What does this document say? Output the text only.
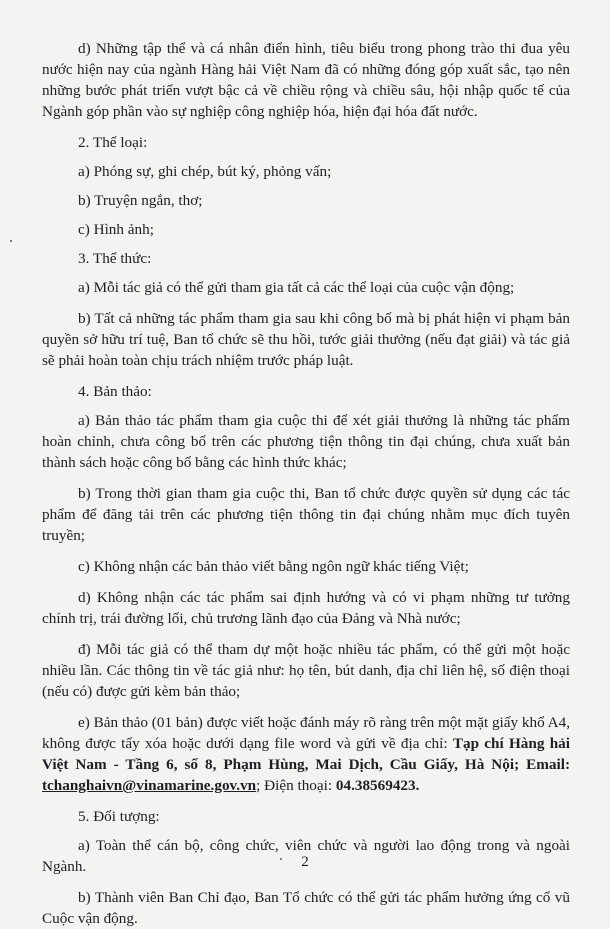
d) Những tập thể và cá nhân điển hình, tiêu biểu trong phong trào thi đua yêu nước hiện nay của ngành Hàng hải Việt Nam đã có những đóng góp xuất sắc, tạo nên những bước phát triển vượt bậc cả về chiều rộng và chiều sâu, hội nhập quốc tế của Ngành góp phần vào sự nghiệp công nghiệp hóa, hiện đại hóa đất nước.

2. Thể loại:

a) Phóng sự, ghi chép, bút ký, phỏng vấn;

b) Truyện ngắn, thơ;

c) Hình ảnh;

3. Thể thức:

a) Mỗi tác giả có thể gửi tham gia tất cả các thể loại của cuộc vận động;

b) Tất cả những tác phẩm tham gia sau khi công bố mà bị phát hiện vi phạm bản quyền sở hữu trí tuệ, Ban tổ chức sẽ thu hồi, tước giải thưởng (nếu đạt giải) và tác giả sẽ phải hoàn toàn chịu trách nhiệm trước pháp luật.

4. Bản thảo:

a) Bản thảo tác phẩm tham gia cuộc thi để xét giải thưởng là những tác phẩm hoàn chỉnh, chưa công bố trên các phương tiện thông tin đại chúng, chưa xuất bản thành sách hoặc công bố bằng các hình thức khác;

b) Trong thời gian tham gia cuộc thi, Ban tổ chức được quyền sử dụng các tác phẩm để đăng tải trên các phương tiện thông tin đại chúng nhằm mục đích tuyên truyền;

c) Không nhận các bản thảo viết bằng ngôn ngữ khác tiếng Việt;

d) Không nhận các tác phẩm sai định hướng và có vi phạm những tư tưởng chính trị, trái đường lối, chủ trương lãnh đạo của Đảng và Nhà nước;

đ) Mỗi tác giả có thể tham dự một hoặc nhiều tác phẩm, có thể gửi một hoặc nhiều lần. Các thông tin về tác giả như: họ tên, bút danh, địa chỉ liên hệ, số điện thoại (nếu có) được gửi kèm bản thảo;

e) Bản thảo (01 bản) được viết hoặc đánh máy rõ ràng trên một mặt giấy khổ A4, không được tẩy xóa hoặc dưới dạng file word và gửi về địa chỉ: Tạp chí Hàng hải Việt Nam - Tầng 6, số 8, Phạm Hùng, Mai Dịch, Cầu Giấy, Hà Nội; Email: tchanghaivn@vinamarine.gov.vn; Điện thoại: 04.38569423.

5. Đối tượng:

a) Toàn thể cán bộ, công chức, viên chức và người lao động trong và ngoài Ngành.

b) Thành viên Ban Chỉ đạo, Ban Tổ chức có thể gửi tác phẩm hưởng ứng cổ vũ Cuộc vận động.

2
